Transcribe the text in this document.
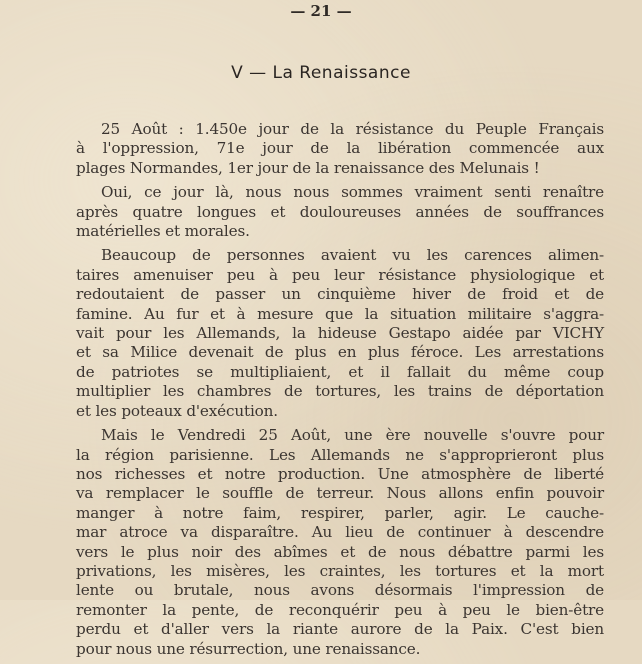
— 21 —
V — La Renaissance
25 Août : 1.450e jour de la résistance du Peuple Français
à l'oppression, 71e jour de la libération commencée aux
plages Normandes, 1er jour de la renaissance des Melunais !
Oui, ce jour là, nous nous sommes vraiment senti renaître
après quatre longues et douloureuses années de souffrances
matérielles et morales.
Beaucoup de personnes avaient vu les carences alimen-
taires amenuiser peu à peu leur résistance physiologique et
redoutaient de passer un cinquième hiver de froid et de
famine. Au fur et à mesure que la situation militaire s'aggra-
vait pour les Allemands, la hideuse Gestapo aidée par VICHY
et sa Milice devenait de plus en plus féroce. Les arrestations
de patriotes se multipliaient, et il fallait du même coup
multiplier les chambres de tortures, les trains de déportation
et les poteaux d'exécution.
Mais le Vendredi 25 Août, une ère nouvelle s'ouvre pour
la région parisienne. Les Allemands ne s'approprieront plus
nos richesses et notre production. Une atmosphère de liberté
va remplacer le souffle de terreur. Nous allons enfin pouvoir
manger à notre faim, respirer, parler, agir. Le cauche-
mar atroce va disparaître. Au lieu de continuer à descendre
vers le plus noir des abîmes et de nous débattre parmi les
privations, les misères, les craintes, les tortures et la mort
lente ou brutale, nous avons désormais l'impression de
remonter la pente, de reconquérir peu à peu le bien-être
perdu et d'aller vers la riante aurore de la Paix. C'est bien
pour nous une résurrection, une renaissance.
